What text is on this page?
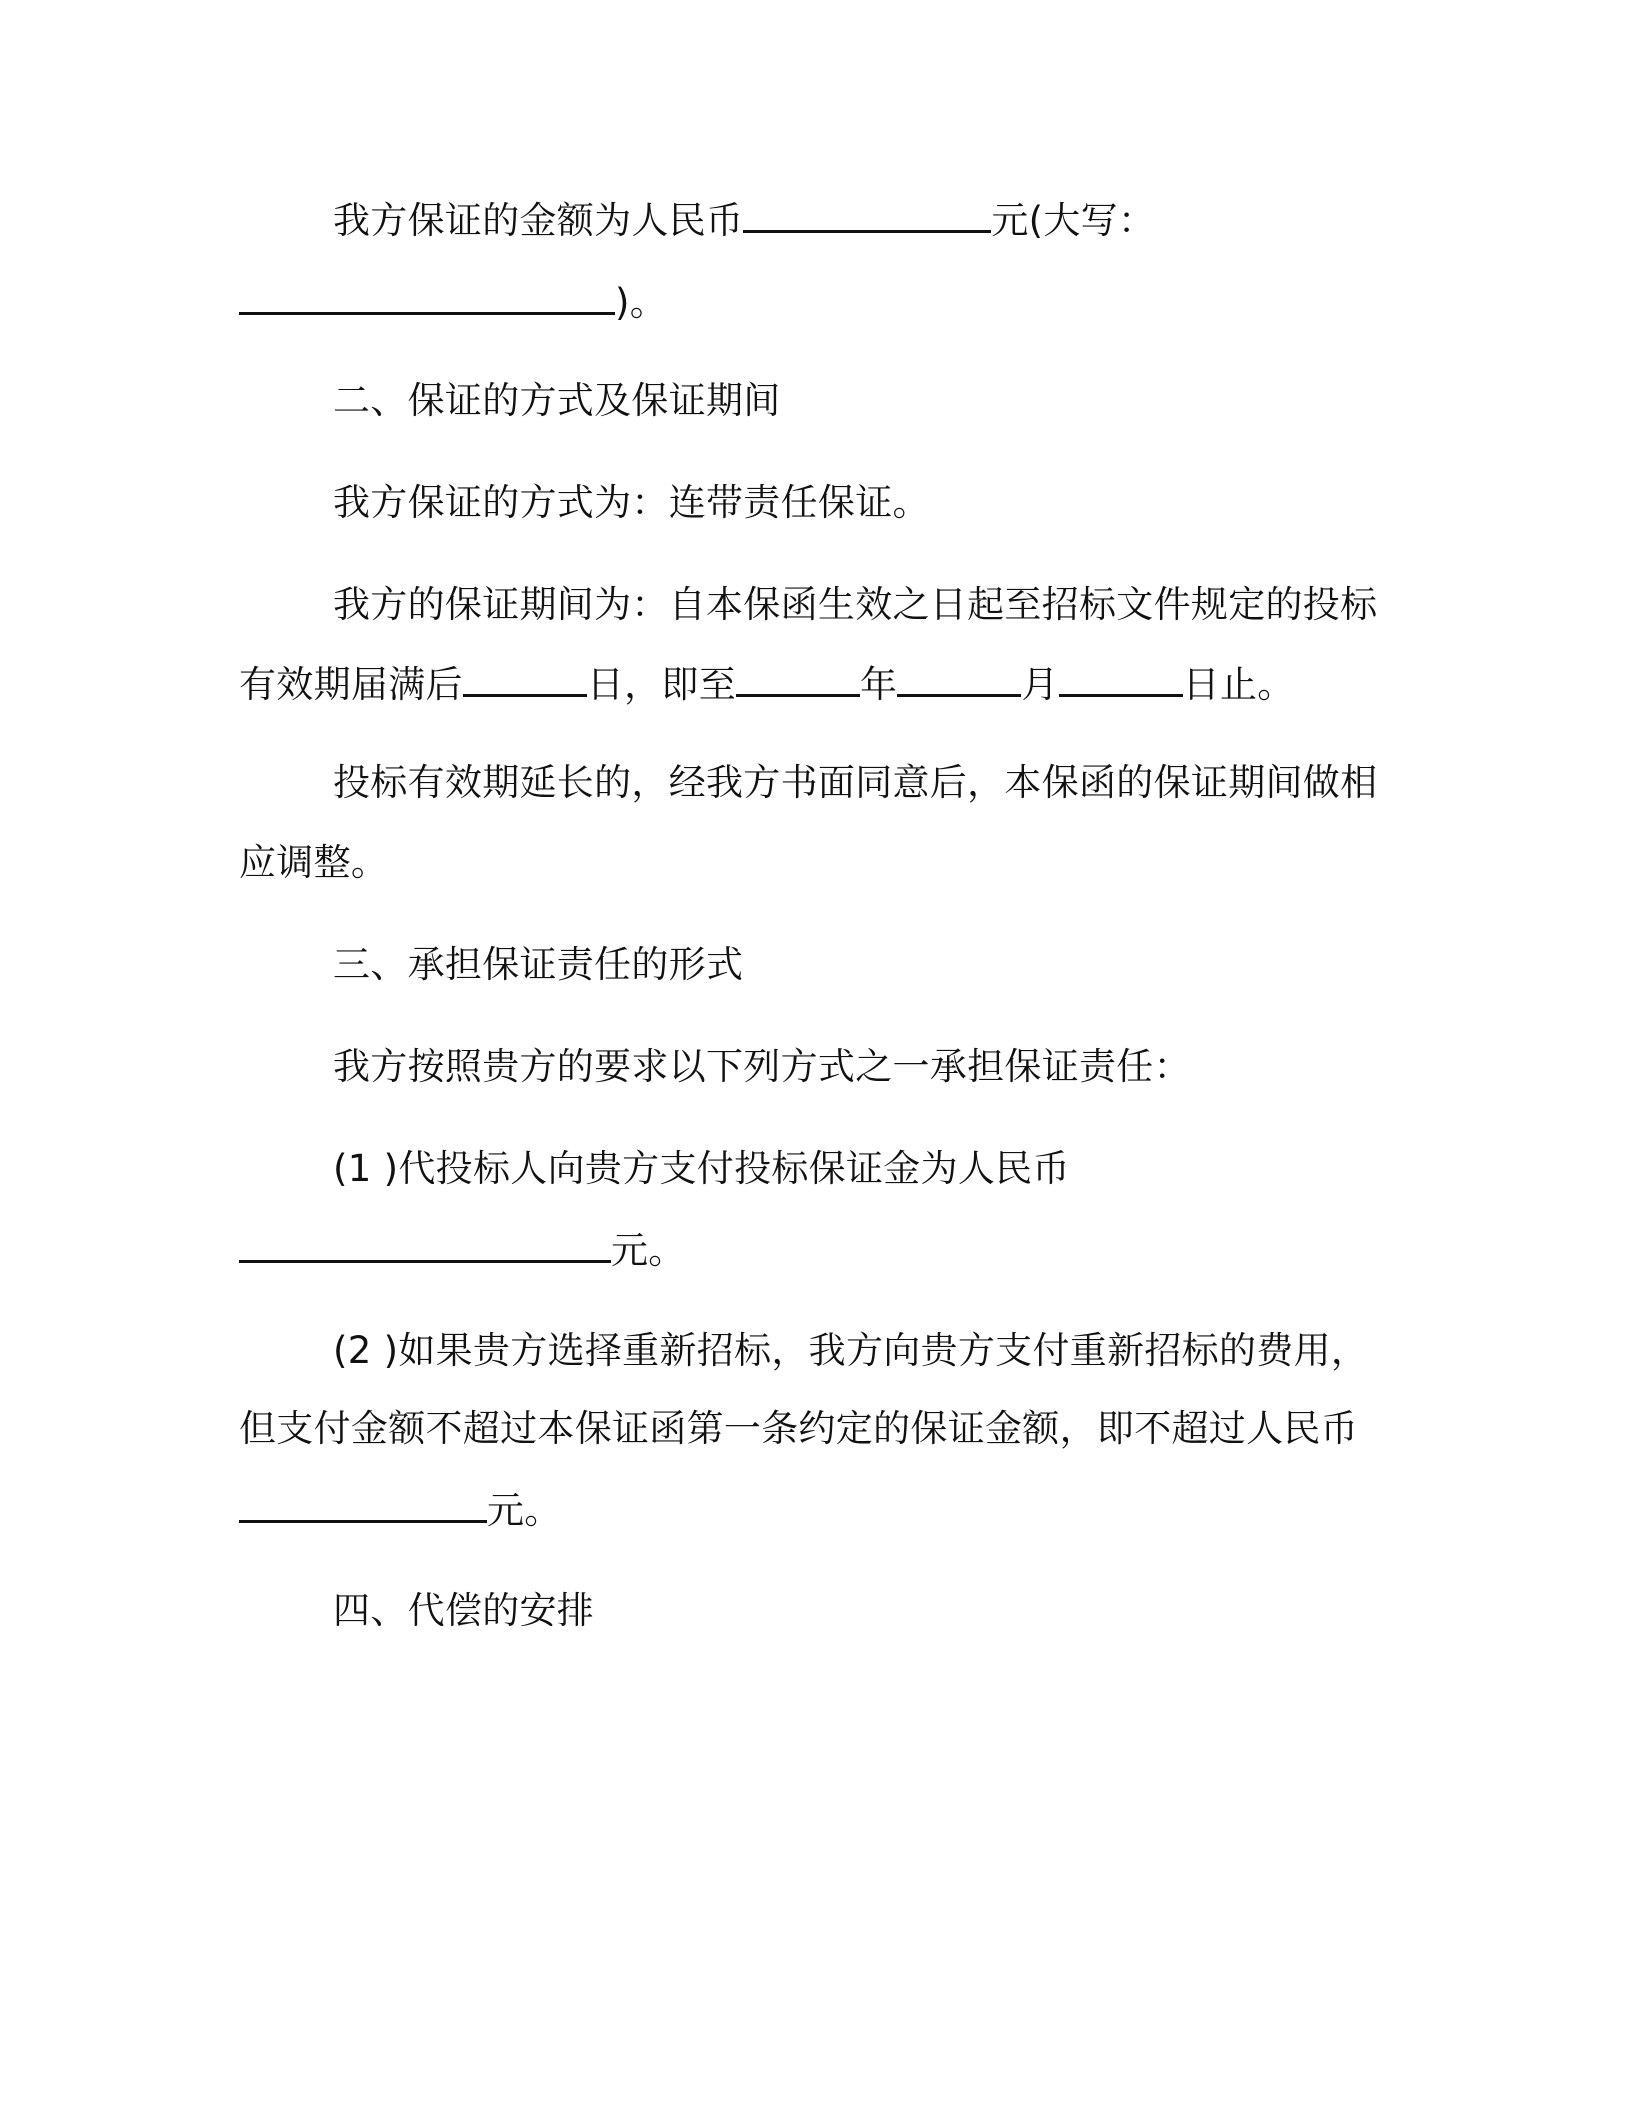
我方保证的金额为人民币	元(大写：
)。
二、保证的方式及保证期间
我方保证的方式为：连带责任保证。
我方的保证期间为：自本保函生效之日起至招标文件规定的投标
有效期届满后	日，即至	年	月	日止。
投标有效期延长的，经我方书面同意后，本保函的保证期间做相
应调整。
三、承担保证责任的形式
我方按照贵方的要求以下列方式之一承担保证责任：
(1 )代投标人向贵方支付投标保证金为人民币
元。
(2 )如果贵方选择重新招标，我方向贵方支付重新招标的费用，
但支付金额不超过本保证函第一条约定的保证金额，即不超过人民币
元。
四、代偿的安排
